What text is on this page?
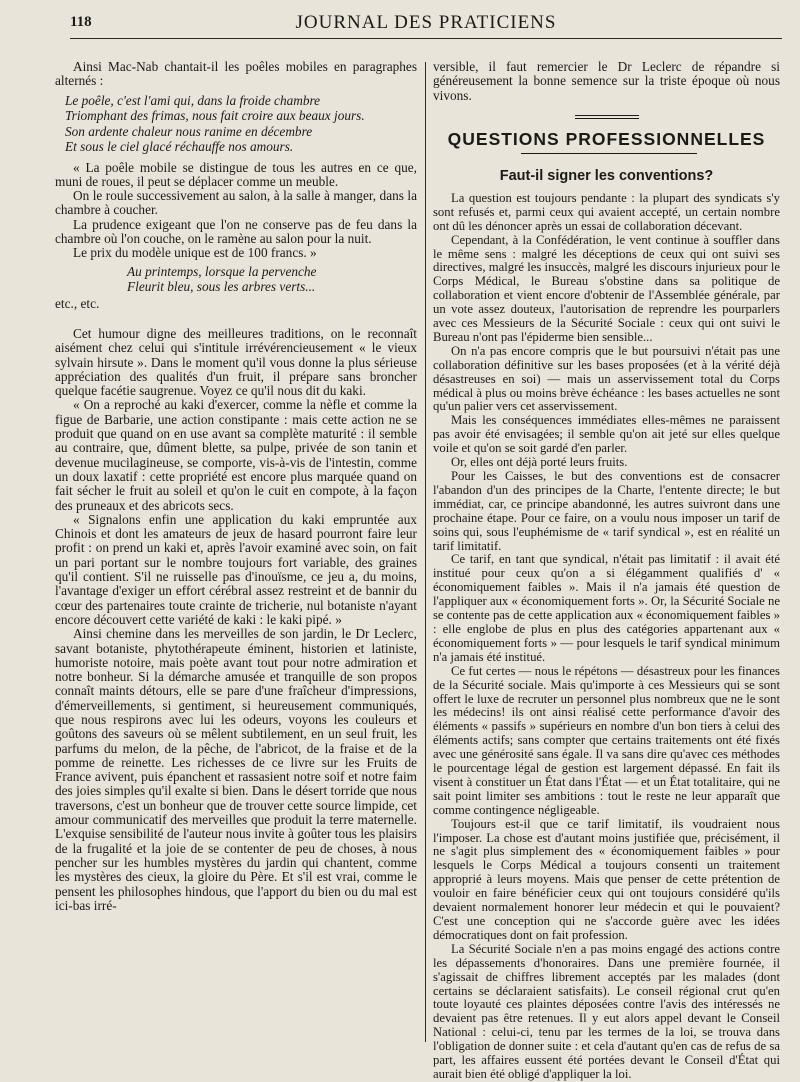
118	JOURNAL DES PRATICIENS

Ainsi Mac-Nab chantait-il les poêles mobiles en paragraphes alternés :

Le poêle, c'est l'ami qui, dans la froide chambre
Triomphant des frimas, nous fait croire aux beaux jours.
Son ardente chaleur nous ranime en décembre
Et sous le ciel glacé réchauffe nos amours.

« La poêle mobile se distingue de tous les autres en ce que, muni de roues, il peut se déplacer comme un meuble.

On le roule successivement au salon, à la salle à manger, dans la chambre à coucher.

La prudence exigeant que l'on ne conserve pas de feu dans la chambre où l'on couche, on le ramène au salon pour la nuit.

Le prix du modèle unique est de 100 francs. »

Au printemps, lorsque la pervenche
Fleurit bleu, sous les arbres verts...

etc., etc.

Cet humour digne des meilleures traditions, on le reconnaît aisément chez celui qui s'intitule irrévérencieusement « le vieux sylvain hirsute ». Dans le moment qu'il vous donne la plus sérieuse appréciation des qualités d'un fruit, il prépare sans broncher quelque facétie saugrenue. Voyez ce qu'il nous dit du kaki.

« On a reproché au kaki d'exercer, comme la nèfle et comme la figue de Barbarie, une action constipante : mais cette action ne se produit que quand on en use avant sa complète maturité : il semble au contraire, que, dûment blette, sa pulpe, privée de son tanin et devenue mucilagineuse, se comporte, vis-à-vis de l'intestin, comme un doux laxatif : cette propriété est encore plus marquée quand on fait sécher le fruit au soleil et qu'on le cuit en compote, à la façon des pruneaux et des abricots secs.

« Signalons enfin une application du kaki empruntée aux Chinois et dont les amateurs de jeux de hasard pourront faire leur profit : on prend un kaki et, après l'avoir examiné avec soin, on fait un pari portant sur le nombre toujours fort variable, des graines qu'il contient. S'il ne ruisselle pas d'inouïsme, ce jeu a, du moins, l'avantage d'exiger un effort cérébral assez restreint et de bannir du cœur des partenaires toute crainte de tricherie, nul botaniste n'ayant encore découvert cette variété de kaki : le kaki pipé. »

Ainsi chemine dans les merveilles de son jardin, le Dr Leclerc, savant botaniste, phytothérapeute éminent, historien et latiniste, humoriste notoire, mais poète avant tout pour notre admiration et notre bonheur. Si la démarche amusée et tranquille de son propos connaît maints détours, elle se pare d'une fraîcheur d'impressions, d'émerveillements, si gentiment, si heureusement communiqués, que nous respirons avec lui les odeurs, voyons les couleurs et goûtons des saveurs où se mêlent subtilement, en un seul fruit, les parfums du melon, de la pêche, de l'abricot, de la fraise et de la pomme de reinette. Les richesses de ce livre sur les Fruits de France avivent, puis épanchent et rassasient notre soif et notre faim des joies simples qu'il exalte si bien. Dans le désert torride que nous traversons, c'est un bonheur que de trouver cette source limpide, cet amour communicatif des merveilles que produit la terre maternelle. L'exquise sensibilité de l'auteur nous invite à goûter tous les plaisirs de la frugalité et la joie de se contenter de peu de choses, à nous pencher sur les humbles mystères du jardin qui chantent, comme les mystères des cieux, la gloire du Père. Et s'il est vrai, comme le pensent les philosophes hindous, que l'apport du bien ou du mal est ici-bas irré-

versible, il faut remercier le Dr Leclerc de répandre si généreusement la bonne semence sur la triste époque où nous vivons.

QUESTIONS PROFESSIONNELLES
Faut-il signer les conventions?

La question est toujours pendante : la plupart des syndicats s'y sont refusés et, parmi ceux qui avaient accepté, un certain nombre ont dû les dénoncer après un essai de collaboration décevant.

Cependant, à la Confédération, le vent continue à souffler dans le même sens : malgré les déceptions de ceux qui ont suivi ses directives, malgré les insuccès, malgré les discours injurieux pour le Corps Médical, le Bureau s'obstine dans sa politique de collaboration et vient encore d'obtenir de l'Assemblée générale, par un vote assez douteux, l'autorisation de reprendre les pourparlers avec ces Messieurs de la Sécurité Sociale : ceux qui ont suivi le Bureau n'ont pas l'épiderme bien sensible...

On n'a pas encore compris que le but poursuivi n'était pas une collaboration définitive sur les bases proposées (et à la vérité déjà désastreuses en soi) — mais un asservissement total du Corps médical à plus ou moins brève échéance : les bases actuelles ne sont qu'un palier vers cet asservissement.

Mais les conséquences immédiates elles-mêmes ne paraissent pas avoir été envisagées; il semble qu'on ait jeté sur elles quelque voile et qu'on se soit gardé d'en parler.

Or, elles ont déjà porté leurs fruits.

Pour les Caisses, le but des conventions est de consacrer l'abandon d'un des principes de la Charte, l'entente directe; le but immédiat, car, ce principe abandonné, les autres suivront dans une prochaine étape. Pour ce faire, on a voulu nous imposer un tarif de soins qui, sous l'euphémisme de « tarif syndical », est en réalité un tarif limitatif.

Ce tarif, en tant que syndical, n'était pas limitatif : il avait été institué pour ceux qu'on a si élégamment qualifiés d' « économiquement faibles ». Mais il n'a jamais été question de l'appliquer aux « économiquement forts ». Or, la Sécurité Sociale ne se contente pas de cette application aux « économiquement faibles » : elle englobe de plus en plus des catégories appartenant aux « économiquement forts » — pour lesquels le tarif syndical minimum n'a jamais été institué.

Ce fut certes — nous le répétons — désastreux pour les finances de la Sécurité sociale. Mais qu'importe à ces Messieurs qui se sont offert le luxe de recruter un personnel plus nombreux que ne le sont les médecins! ils ont ainsi réalisé cette performance d'avoir des éléments « passifs » supérieurs en nombre d'un bon tiers à celui des éléments actifs; sans compter que certains traitements ont été fixés avec une générosité sans égale. Il va sans dire qu'avec ces méthodes le pourcentage légal de gestion est largement dépassé. En fait ils visent à constituer un État dans l'État — et un État totalitaire, qui ne sait point limiter ses ambitions : tout le reste ne leur apparaît que comme contingence négligeable.

Toujours est-il que ce tarif limitatif, ils voudraient nous l'imposer. La chose est d'autant moins justifiée que, précisément, il ne s'agit plus simplement des « économiquement faibles » pour lesquels le Corps Médical a toujours consenti un traitement approprié à leurs moyens. Mais que penser de cette prétention de vouloir en faire bénéficier ceux qui ont toujours considéré qu'ils devaient normalement honorer leur médecin et qui le pouvaient? C'est une conception qui ne s'accorde guère avec les idées démocratiques dont on fait profession.

La Sécurité Sociale n'en a pas moins engagé des actions contre les dépassements d'honoraires. Dans une première fournée, il s'agissait de chiffres librement acceptés par les malades (dont certains se déclaraient satisfaits). Le conseil régional crut qu'en toute loyauté ces plaintes déposées contre l'avis des intéressés ne devaient pas être retenues. Il y eut alors appel devant le Conseil National : celui-ci, tenu par les termes de la loi, se trouva dans l'obligation de donner suite : et cela d'autant qu'en cas de refus de sa part, les affaires eussent été portées devant le Conseil d'État qui aurait bien été obligé d'appliquer la loi.
